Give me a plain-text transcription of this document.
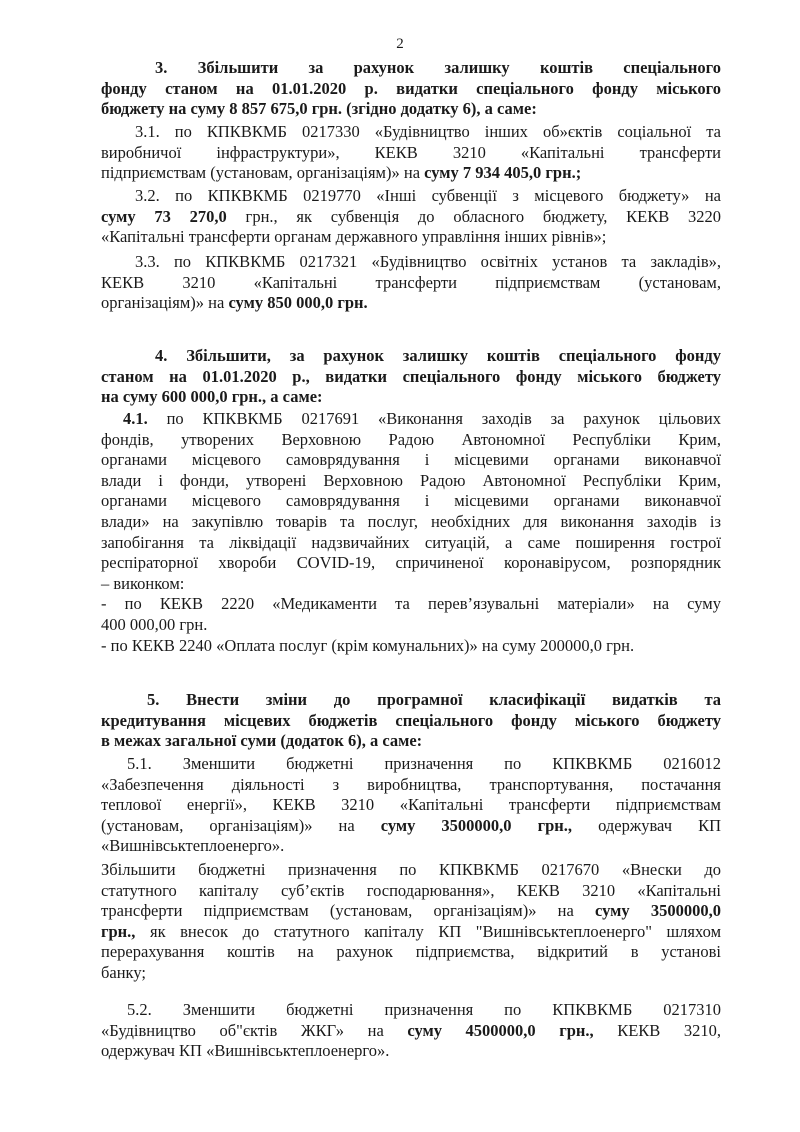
2

3. Збільшити за рахунок залишку коштів спеціального

фонду станом на 01.01.2020 р. видатки спеціального фонду міського

бюджету на суму 8 857 675,0 грн. (згідно додатку 6), а саме:

3.1. по КПКВКМБ 0217330 «Будівництво інших об»єктів соціальної та

виробничої інфраструктури», КЕКВ 3210 «Капітальні трансферти

підприємствам (установам, організаціям)» на суму 7 934 405,0 грн.;

3.2. по КПКВКМБ 0219770 «Інші субвенції з місцевого бюджету» на

суму 73 270,0 грн., як субвенція до обласного бюджету, КЕКВ 3220

«Капітальні трансферти органам державного управління інших рівнів»;

3.3. по КПКВКМБ 0217321 «Будівництво освітніх установ та закладів»,

КЕКВ 3210 «Капітальні трансферти підприємствам (установам,

організаціям)» на суму 850 000,0 грн.

4. Збільшити, за рахунок залишку коштів спеціального фонду

станом на 01.01.2020 р., видатки спеціального фонду міського бюджету

на суму 600 000,0 грн., а саме:

4.1. по КПКВКМБ 0217691 «Виконання заходів за рахунок цільових

фондів, утворених Верховною Радою Автономної Республіки Крим,

органами місцевого самоврядування і місцевими органами виконавчої

влади і фонди, утворені Верховною Радою Автономної Республіки Крим,

органами місцевого самоврядування і місцевими органами виконавчої

влади» на закупівлю товарів та послуг, необхідних для виконання заходів із

запобігання та ліквідації надзвичайних ситуацій, а саме поширення гострої

респіраторної хвороби COVID-19, спричиненої коронавірусом, розпорядник

– виконком:

- по КЕКВ 2220 «Медикаменти та перев’язувальні матеріали» на суму

400 000,00 грн.

- по КЕКВ 2240 «Оплата послуг (крім комунальних)» на суму 200000,0 грн.

5. Внести зміни до програмної класифікації видатків та

кредитування місцевих бюджетів спеціального фонду міського бюджету

в межах загальної суми (додаток 6), а саме:

5.1. Зменшити бюджетні призначення по КПКВКМБ 0216012

«Забезпечення діяльності з виробництва, транспортування, постачання

теплової енергії», КЕКВ 3210 «Капітальні трансферти підприємствам

(установам, організаціям)» на суму 3500000,0 грн., одержувач КП

«Вишнівськтеплоенерго».

Збільшити бюджетні призначення по КПКВКМБ 0217670 «Внески до

статутного капіталу суб’єктів господарювання», КЕКВ 3210 «Капітальні

трансферти підприємствам (установам, організаціям)» на суму 3500000,0

грн., як внесок до статутного капіталу КП "Вишнівськтеплоенерго" шляхом

перерахування коштів на рахунок підприємства, відкритий в установі

банку;

5.2. Зменшити бюджетні призначення по КПКВКМБ 0217310

«Будівництво об"єктів ЖКГ» на суму 4500000,0 грн., КЕКВ 3210,

одержувач КП «Вишнівськтеплоенерго».
